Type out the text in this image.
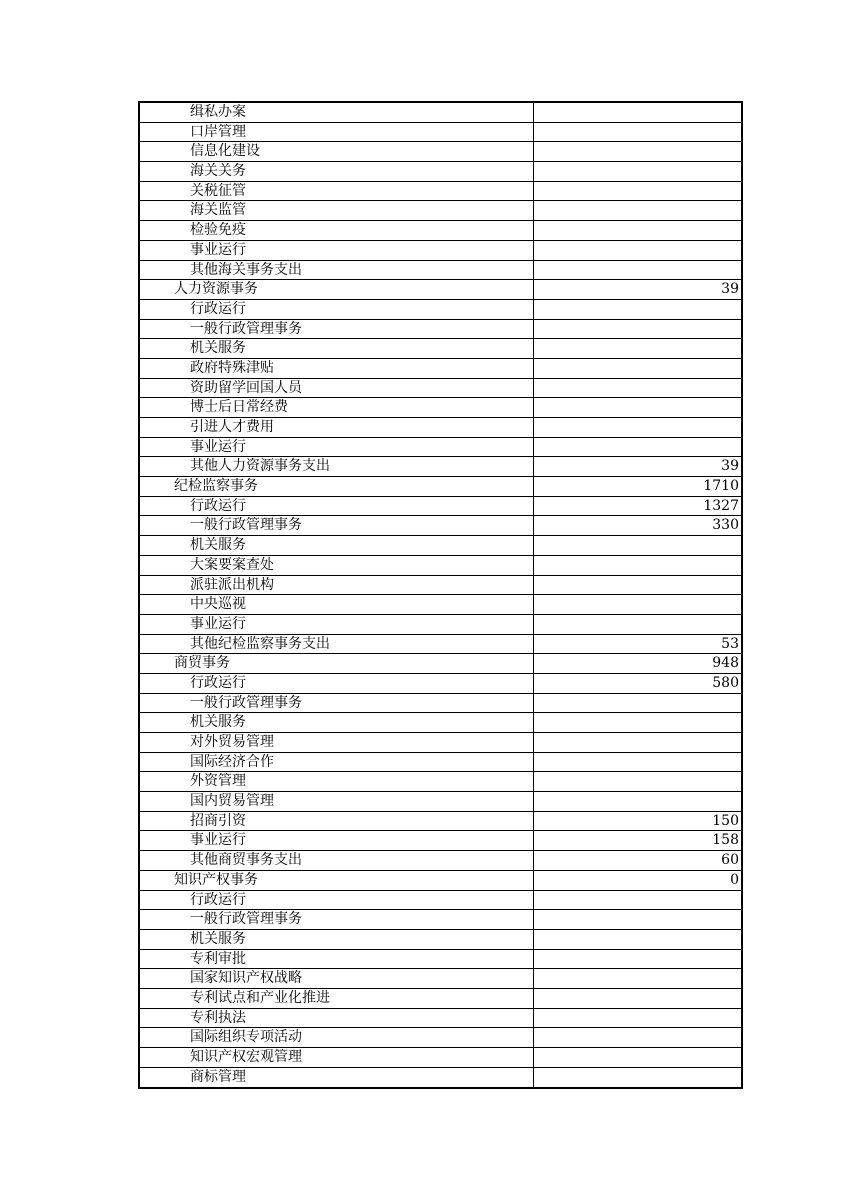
缉私办案
口岸管理
信息化建设
海关关务
关税征管
海关监管
检验免疫
事业运行
其他海关事务支出
人力资源事务	39
行政运行
一般行政管理事务
机关服务
政府特殊津贴
资助留学回国人员
博士后日常经费
引进人才费用
事业运行
其他人力资源事务支出	39
纪检监察事务	1710
行政运行	1327
一般行政管理事务	330
机关服务
大案要案查处
派驻派出机构
中央巡视
事业运行
其他纪检监察事务支出	53
商贸事务	948
行政运行	580
一般行政管理事务
机关服务
对外贸易管理
国际经济合作
外资管理
国内贸易管理
招商引资	150
事业运行	158
其他商贸事务支出	60
知识产权事务	0
行政运行
一般行政管理事务
机关服务
专利审批
国家知识产权战略
专利试点和产业化推进
专利执法
国际组织专项活动
知识产权宏观管理
商标管理
